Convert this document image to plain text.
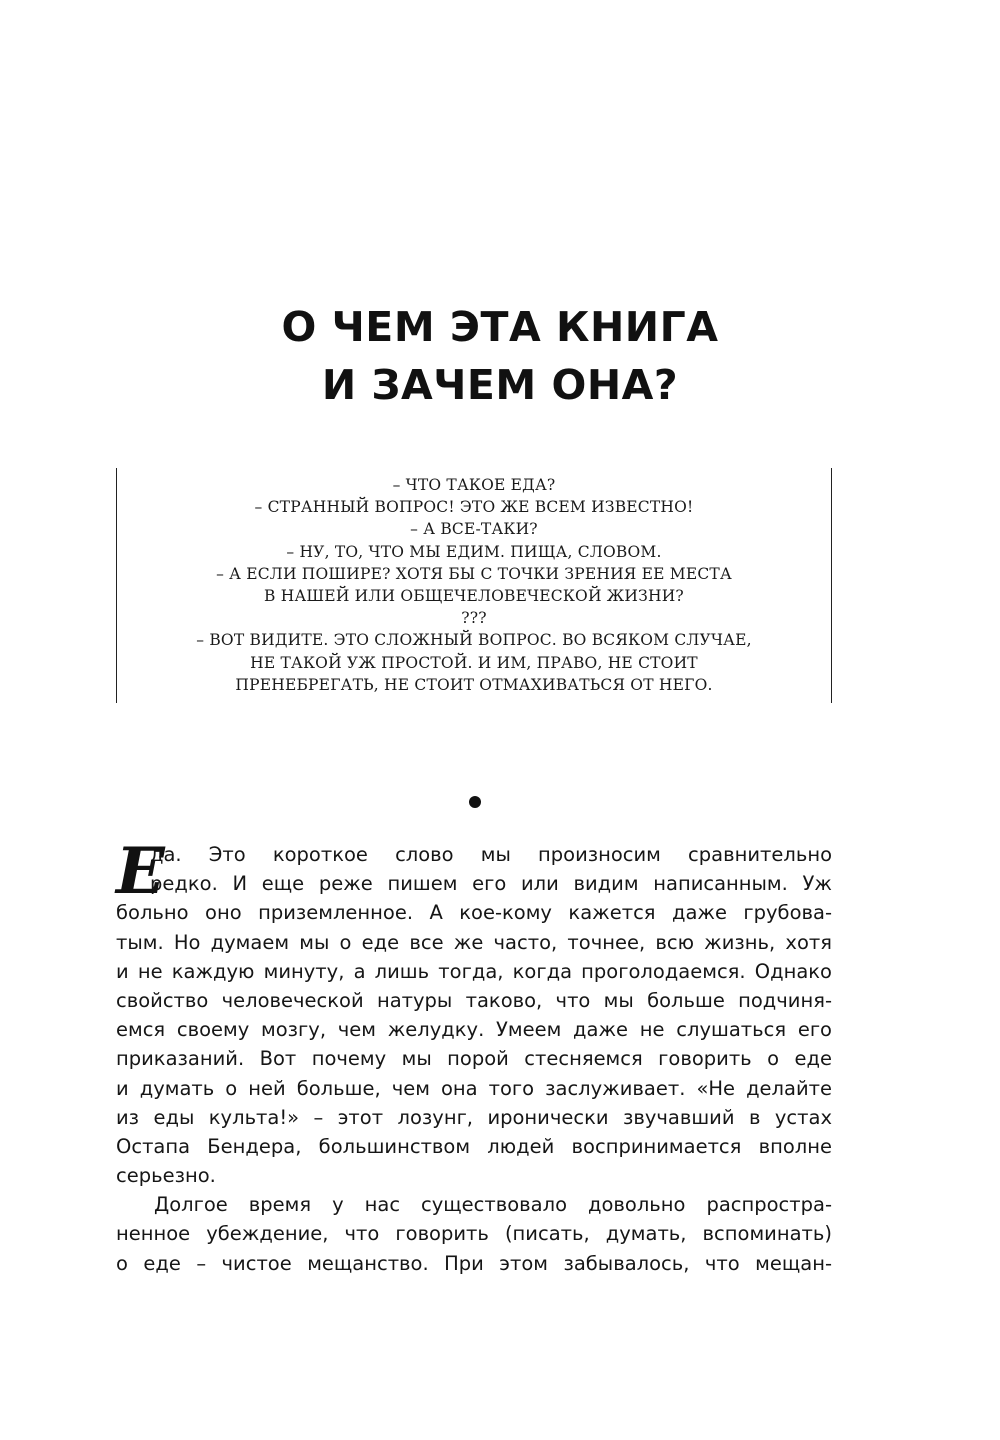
О ЧЕМ ЭТА КНИГА
И ЗАЧЕМ ОНА?
– ЧТО ТАКОЕ ЕДА?
– СТРАННЫЙ ВОПРОС! ЭТО ЖЕ ВСЕМ ИЗВЕСТНО!
– А ВСЕ-ТАКИ?
– НУ, ТО, ЧТО МЫ ЕДИМ. ПИЩА, СЛОВОМ.
– А ЕСЛИ ПОШИРЕ? ХОТЯ БЫ С ТОЧКИ ЗРЕНИЯ ЕЕ МЕСТА
В НАШЕЙ ИЛИ ОБЩЕЧЕЛОВЕЧЕСКОЙ ЖИЗНИ?
???
– ВОТ ВИДИТЕ. ЭТО СЛОЖНЫЙ ВОПРОС. ВО ВСЯКОМ СЛУЧАЕ,
НЕ ТАКОЙ УЖ ПРОСТОЙ. И ИМ, ПРАВО, НЕ СТОИТ
ПРЕНЕБРЕГАТЬ, НЕ СТОИТ ОТМАХИВАТЬСЯ ОТ НЕГО.
Е
да. Это короткое слово мы произносим сравнительно
редко. И еще реже пишем его или видим написанным. Уж
больно оно приземленное. А кое-кому кажется даже грубова-
тым. Но думаем мы о еде все же часто, точнее, всю жизнь, хотя
и не каждую минуту, а лишь тогда, когда проголодаемся. Однако
свойство человеческой натуры таково, что мы больше подчиня-
емся своему мозгу, чем желудку. Умеем даже не слушаться его
приказаний. Вот почему мы порой стесняемся говорить о еде
и думать о ней больше, чем она того заслуживает. «Не делайте
из еды культа!» – этот лозунг, иронически звучавший в устах
Остапа Бендера, большинством людей воспринимается вполне
серьезно.
Долгое время у нас существовало довольно распростра-
ненное убеждение, что говорить (писать, думать, вспоминать)
о еде – чистое мещанство. При этом забывалось, что мещан-
